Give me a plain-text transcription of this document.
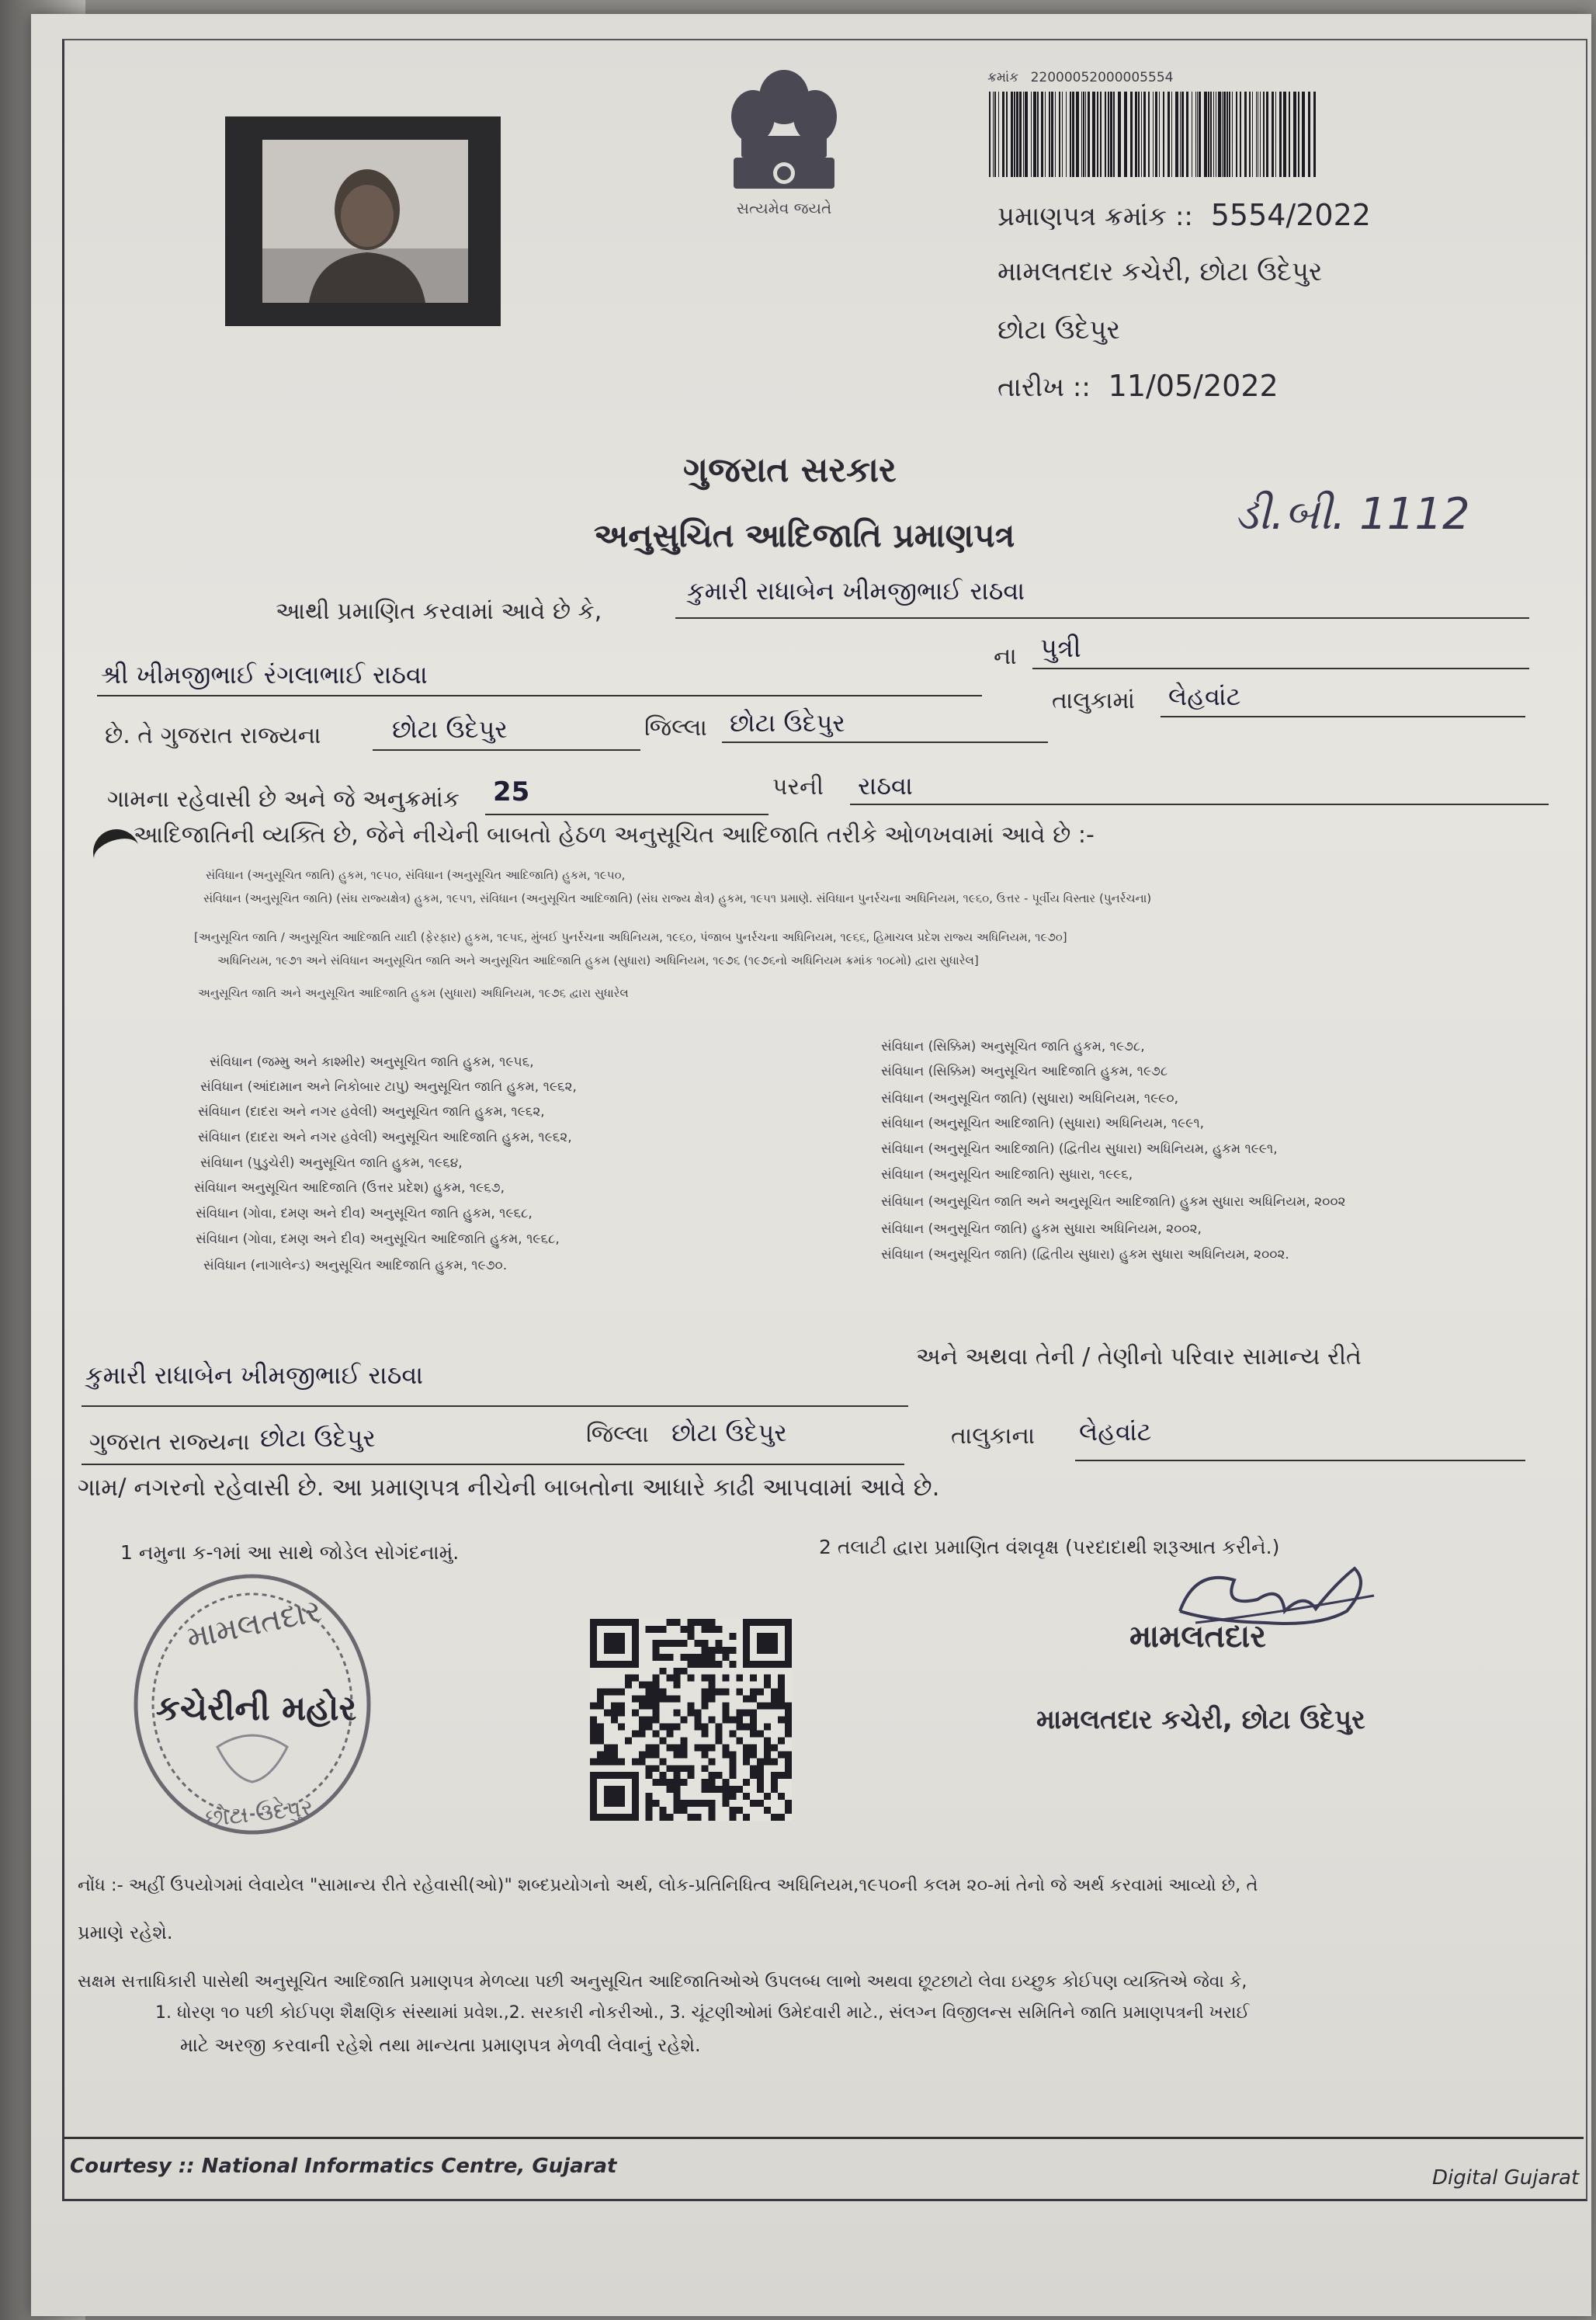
સત્યમેવ જયતે
ક્રમાંક 22000052000005554
પ્રમાણપત્ર ક્રમાંક :: 5554/2022
મામલતદાર કચેરી, છોટા ઉદેપુર
છોટા ઉદેપુર
તારીખ :: 11/05/2022
ગુજરાત સરકાર
અનુસુચિત આદિજાતિ પ્રમાણપત્ર	ડી.બી. 1112
આથી પ્રમાણિત કરવામાં આવે છે કે,
કુમારી રાધાબેન ખીમજીભાઈ રાઠવા
શ્રી ખીમજીભાઈ રંગલાભાઈ રાઠવા
ના પુત્રી
છે. તે ગુજરાત રાજ્યના	છોટા ઉદેપુર	જિલ્લા છોટા ઉદેપુર
તાલુકામાં લેહવાંટ
ગામના રહેવાસી છે અને જે અનુક્રમાંક 25	પરની રાઠવા
આદિજાતિની વ્યક્તિ છે, જેને નીચેની બાબતો હેઠળ અનુસૂચિત આદિજાતિ તરીકે ઓળખવામાં આવે છે :-
સંવિધાન (અનુસૂચિત જાતિ) હુકમ, ૧૯૫૦, સંવિધાન (અનુસૂચિત આદિજાતિ) હુકમ, ૧૯૫૦,
સંવિધાન (અનુસૂચિત જાતિ) (સંઘ રાજ્યક્ષેત્ર) હુકમ, ૧૯૫૧, સંવિધાન (અનુસૂચિત આદિજાતિ) (સંઘ રાજ્ય ક્ષેત્ર) હુકમ, ૧૯૫૧ પ્રમાણે. સંવિધાન પુનર્રચના અધિનિયમ, ૧૯૬૦, ઉત્તર - પૂર્વીય વિસ્તાર (પુનર્રચના)
[અનુસૂચિત જાતિ / અનુસૂચિત આદિજાતિ યાદી (ફેરફાર) હુકમ, ૧૯૫૬, મુંબઈ પુનર્રચના અધિનિયમ, ૧૯૬૦, પંજાબ પુનર્રચના અધિનિયમ, ૧૯૬૬, હિમાચલ પ્રદેશ રાજ્ય અધિનિયમ, ૧૯૭૦]
અધિનિયમ, ૧૯૭૧ અને સંવિધાન અનુસૂચિત જાતિ અને અનુસૂચિત આદિજાતિ હુકમ (સુધારા) અધિનિયમ, ૧૯૭૬ (૧૯૭૬નો અધિનિયમ ક્રમાંક ૧૦૮મો) દ્વારા સુધારેલ]
અનુસૂચિત જાતિ અને અનુસૂચિત આદિજાતિ હુકમ (સુધારા) અધિનિયમ, ૧૯૭૬ દ્વારા સુધારેલ
સંવિધાન (જમ્મુ અને કાશ્મીર) અનુસૂચિત જાતિ હુકમ, ૧૯૫૬,
સંવિધાન (આંદામાન અને નિકોબાર ટાપુ) અનુસૂચિત જાતિ હુકમ, ૧૯૬૨,
સંવિધાન (દાદરા અને નગર હવેલી) અનુસૂચિત જાતિ હુકમ, ૧૯૬૨,
સંવિધાન (દાદરા અને નગર હવેલી) અનુસૂચિત આદિજાતિ હુકમ, ૧૯૬૨,
સંવિધાન (પુડુચેરી) અનુસૂચિત જાતિ હુકમ, ૧૯૬૪,
સંવિધાન અનુસૂચિત આદિજાતિ (ઉત્તર પ્રદેશ) હુકમ, ૧૯૬૭,
સંવિધાન (ગોવા, દમણ અને દીવ) અનુસૂચિત જાતિ હુકમ, ૧૯૬૮,
સંવિધાન (ગોવા, દમણ અને દીવ) અનુસૂચિત આદિજાતિ હુકમ, ૧૯૬૮,
સંવિધાન (નાગાલેન્ડ) અનુસૂચિત આદિજાતિ હુકમ, ૧૯૭૦.
સંવિધાન (સિક્કિમ) અનુસૂચિત જાતિ હુકમ, ૧૯૭૮,
સંવિધાન (સિક્કિમ) અનુસૂચિત આદિજાતિ હુકમ, ૧૯૭૮
સંવિધાન (અનુસૂચિત જાતિ) (સુધારા) અધિનિયમ, ૧૯૯૦,
સંવિધાન (અનુસૂચિત આદિજાતિ) (સુધારા) અધિનિયમ, ૧૯૯૧,
સંવિધાન (અનુસૂચિત આદિજાતિ) (દ્વિતીય સુધારા) અધિનિયમ, હુકમ ૧૯૯૧,
સંવિધાન (અનુસૂચિત આદિજાતિ) સુધારા, ૧૯૯૬,
સંવિધાન (અનુસૂચિત જાતિ અને અનુસૂચિત આદિજાતિ) હુકમ સુધારા અધિનિયમ, ૨૦૦૨
સંવિધાન (અનુસૂચિત જાતિ) હુકમ સુધારા અધિનિયમ, ૨૦૦૨,
સંવિધાન (અનુસૂચિત જાતિ) (દ્વિતીય સુધારા) હુકમ સુધારા અધિનિયમ, ૨૦૦૨.
કુમારી રાધાબેન ખીમજીભાઈ રાઠવા
અને અથવા તેની / તેણીનો પરિવાર સામાન્ય રીતે
ગુજરાત રાજ્યના છોટા ઉદેપુર	જિલ્લા છોટા ઉદેપુર	તાલુકાના લેહવાંટ
ગામ/ નગરનો રહેવાસી છે. આ પ્રમાણપત્ર નીચેની બાબતોના આધારે કાઢી આપવામાં આવે છે.
1 નમુના ક-૧માં આ સાથે જોડેલ સોગંદનામું.	2 તલાટી દ્વારા પ્રમાણિત વંશવૃક્ષ (પરદાદાથી શરૂઆત કરીને.)
મામલતદાર
કચેરીની મહોર
છોટા ઉદેપુર
મામલતદાર
મામલતદાર કચેરી, છોટા ઉદેપુર
નોંધ :- અહીં ઉપયોગમાં લેવાયેલ "સામાન્ય રીતે રહેવાસી(ઓ)" શબ્દપ્રયોગનો અર્થ, લોક-પ્રતિનિધિત્વ અધિનિયમ,૧૯૫૦ની કલમ ૨૦-માં તેનો જે અર્થ કરવામાં આવ્યો છે, તે
પ્રમાણે રહેશે.
સક્ષમ સત્તાધિકારી પાસેથી અનુસૂચિત આદિજાતિ પ્રમાણપત્ર મેળવ્યા પછી અનુસૂચિત આદિજાતિઓએ ઉપલબ્ધ લાભો અથવા છૂટછાટો લેવા ઇચ્છુક કોઈપણ વ્યક્તિએ જેવા કે,
1. ધોરણ ૧૦ પછી કોઈપણ શૈક્ષણિક સંસ્થામાં પ્રવેશ.,2. સરકારી નોકરીઓ., 3. ચૂંટણીઓમાં ઉમેદવારી માટે., સંલગ્ન વિજીલન્સ સમિતિને જાતિ પ્રમાણપત્રની ખરાઈ
માટે અરજી કરવાની રહેશે તથા માન્યતા પ્રમાણપત્ર મેળવી લેવાનું રહેશે.
Courtesy :: National Informatics Centre, Gujarat	Digital Gujarat
